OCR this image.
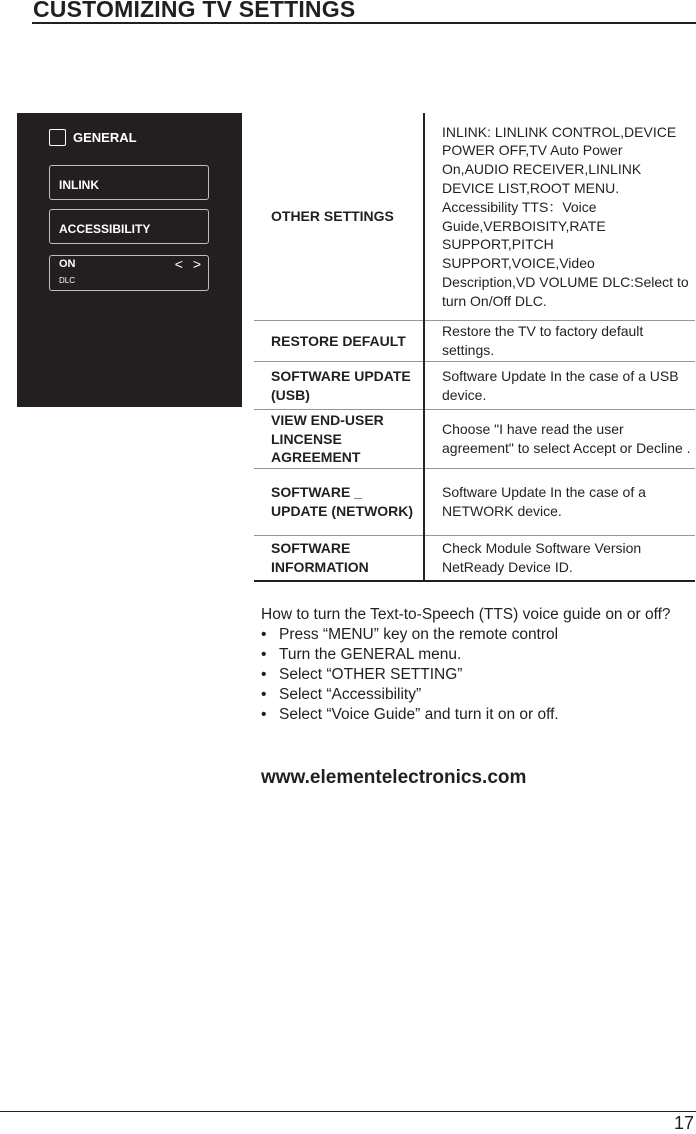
CUSTOMIZING TV SETTINGS
GENERAL
INLINK
ACCESSIBILITY
ON
DLC
< >
OTHER SETTINGS	INLINK: LINLINK CONTROL,DEVICE POWER OFF,TV Auto Power On,AUDIO RECEIVER,LINLINK DEVICE LIST,ROOT MENU. Accessibility TTS：Voice Guide,VERBOISITY,RATE SUPPORT,PITCH SUPPORT,VOICE,Video Description,VD VOLUME DLC:Select to turn On/Off DLC.
RESTORE DEFAULT	Restore the TV to factory default settings.
SOFTWARE UPDATE (USB)	Software Update In the case of a USB device.
VIEW END-USER LINCENSE AGREEMENT	Choose "I have read the user agreement" to select Accept or Decline .
SOFTWARE _ UPDATE (NETWORK)	Software Update In the case of a NETWORK device.
SOFTWARE INFORMATION	Check Module Software Version NetReady Device ID.
How to turn the Text-to-Speech (TTS) voice guide on or off?
• Press “MENU” key on the remote control
• Turn the GENERAL menu.
• Select “OTHER SETTING”
• Select “Accessibility”
• Select “Voice Guide” and turn it on or off.
www.elementelectronics.com
17
